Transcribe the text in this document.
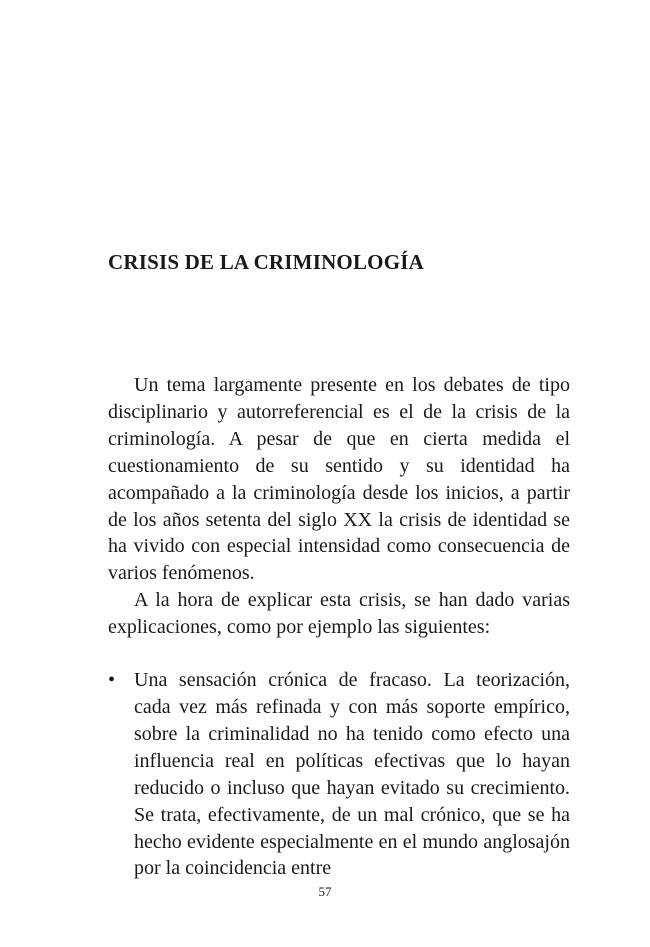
CRISIS DE LA CRIMINOLOGÍA

Un tema largamente presente en los debates de tipo disciplinario y autorreferencial es el de la crisis de la criminología. A pesar de que en cierta medida el cuestionamiento de su sentido y su identidad ha acompañado a la criminología desde los inicios, a partir de los años setenta del siglo XX la crisis de identidad se ha vivido con especial intensidad como consecuencia de varios fenómenos.

A la hora de explicar esta crisis, se han dado varias explicaciones, como por ejemplo las siguientes:

• Una sensación crónica de fracaso. La teorización, cada vez más refinada y con más soporte empírico, sobre la criminalidad no ha tenido como efecto una influencia real en políticas efectivas que lo hayan reducido o incluso que hayan evitado su crecimiento. Se trata, efectivamente, de un mal crónico, que se ha hecho evidente especialmente en el mundo anglosajón por la coincidencia entre
57
